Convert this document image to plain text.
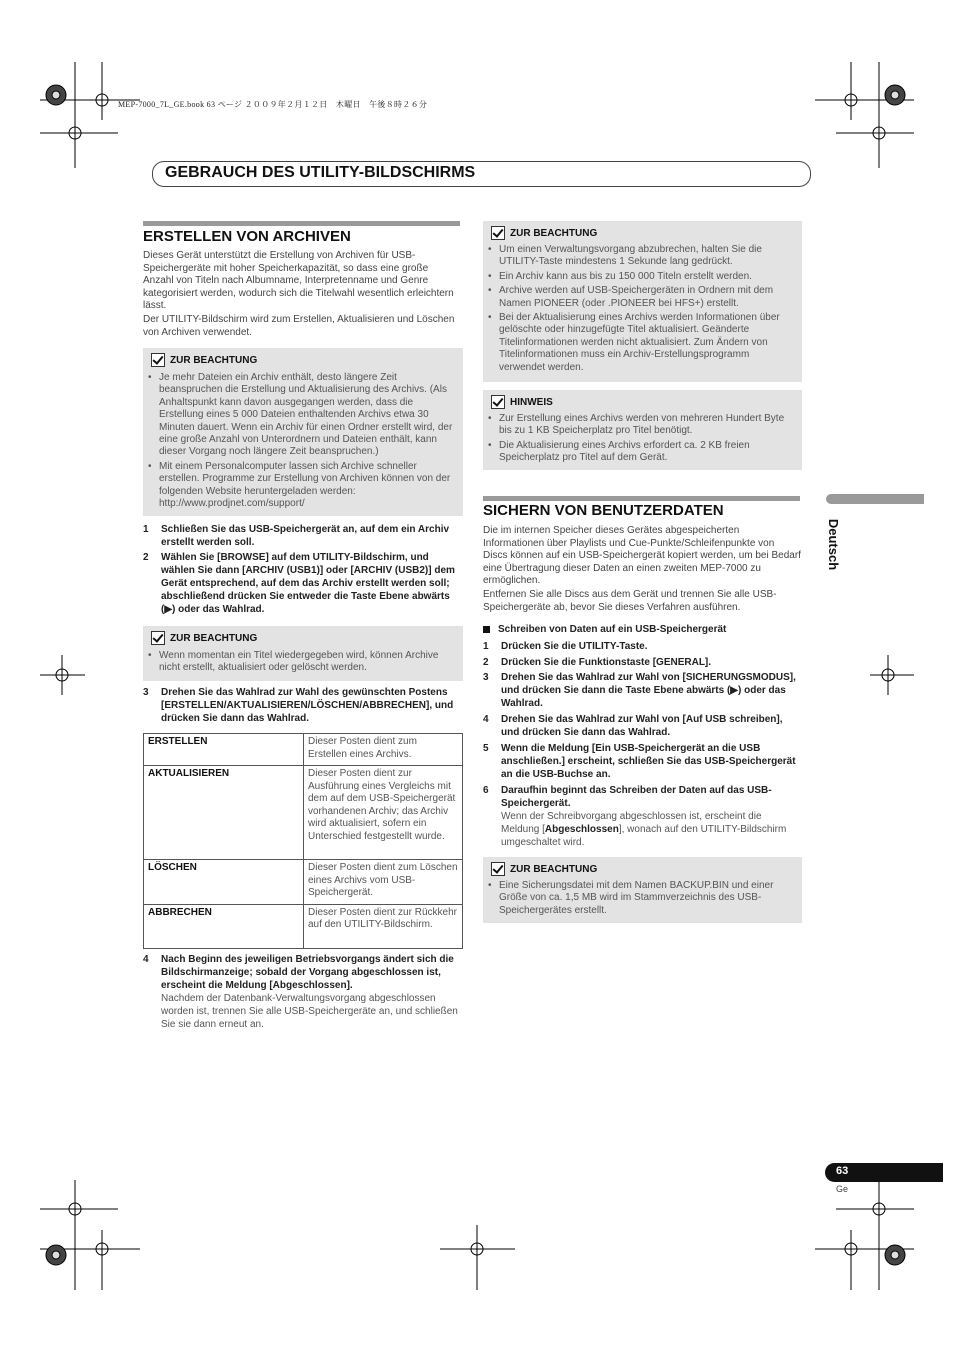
MEP-7000_7L_GE.book 63 ページ ２００９年２月１２日　木曜日　午後８時２６分
GEBRAUCH DES UTILITY-BILDSCHIRMS
ERSTELLEN VON ARCHIVEN

Dieses Gerät unterstützt die Erstellung von Archiven für USB-Speichergeräte mit hoher Speicherkapazität, so dass eine große Anzahl von Titeln nach Albumname, Interpretenname und Genre kategorisiert werden, wodurch sich die Titelwahl wesentlich erleichtern lässt.

Der UTILITY-Bildschirm wird zum Erstellen, Aktualisieren und Löschen von Archiven verwendet.

ZUR BEACHTUNG
• Je mehr Dateien ein Archiv enthält, desto längere Zeit beanspruchen die Erstellung und Aktualisierung des Archivs. (Als Anhaltspunkt kann davon ausgegangen werden, dass die Erstellung eines 5 000 Dateien enthaltenden Archivs etwa 30 Minuten dauert. Wenn ein Archiv für einen Ordner erstellt wird, der eine große Anzahl von Unterordnern und Dateien enthält, kann dieser Vorgang noch längere Zeit beanspruchen.)
• Mit einem Personalcomputer lassen sich Archive schneller erstellen. Programme zur Erstellung von Archiven können von der folgenden Website heruntergeladen werden: http://www.prodjnet.com/support/
1 Schließen Sie das USB-Speichergerät an, auf dem ein Archiv erstellt werden soll.
2 Wählen Sie [BROWSE] auf dem UTILITY-Bildschirm, und wählen Sie dann [ARCHIV (USB1)] oder [ARCHIV (USB2)] dem Gerät entsprechend, auf dem das Archiv erstellt werden soll; abschließend drücken Sie entweder die Taste Ebene abwärts (▶) oder das Wahlrad.
ZUR BEACHTUNG
• Wenn momentan ein Titel wiedergegeben wird, können Archive nicht erstellt, aktualisiert oder gelöscht werden.
3 Drehen Sie das Wahlrad zur Wahl des gewünschten Postens [ERSTELLEN/AKTUALISIEREN/LÖSCHEN/ABBRECHEN], und drücken Sie dann das Wahlrad.
ERSTELLEN	Dieser Posten dient zum Erstellen eines Archivs.
AKTUALISIEREN	Dieser Posten dient zur Ausführung eines Vergleichs mit dem auf dem USB-Speichergerät vorhandenen Archiv; das Archiv wird aktualisiert, sofern ein Unterschied festgestellt wurde.
LÖSCHEN	Dieser Posten dient zum Löschen eines Archivs vom USB-Speichergerät.
ABBRECHEN	Dieser Posten dient zur Rückkehr auf den UTILITY-Bildschirm.
4 Nach Beginn des jeweiligen Betriebsvorgangs ändert sich die Bildschirmanzeige; sobald der Vorgang abgeschlossen ist, erscheint die Meldung [Abgeschlossen].
Nachdem der Datenbank-Verwaltungsvorgang abgeschlossen worden ist, trennen Sie alle USB-Speichergeräte an, und schließen Sie sie dann erneut an.
ZUR BEACHTUNG
• Um einen Verwaltungsvorgang abzubrechen, halten Sie die UTILITY-Taste mindestens 1 Sekunde lang gedrückt.
• Ein Archiv kann aus bis zu 150 000 Titeln erstellt werden.
• Archive werden auf USB-Speichergeräten in Ordnern mit dem Namen PIONEER (oder .PIONEER bei HFS+) erstellt.
• Bei der Aktualisierung eines Archivs werden Informationen über gelöschte oder hinzugefügte Titel aktualisiert. Geänderte Titelinformationen werden nicht aktualisiert. Zum Ändern von Titelinformationen muss ein Archiv-Erstellungsprogramm verwendet werden.
HINWEIS
• Zur Erstellung eines Archivs werden von mehreren Hundert Byte bis zu 1 KB Speicherplatz pro Titel benötigt.
• Die Aktualisierung eines Archivs erfordert ca. 2 KB freien Speicherplatz pro Titel auf dem Gerät.
SICHERN VON BENUTZERDATEN

Die im internen Speicher dieses Gerätes abgespeicherten Informationen über Playlists und Cue-Punkte/Schleifenpunkte von Discs können auf ein USB-Speichergerät kopiert werden, um bei Bedarf eine Übertragung dieser Daten an einen zweiten MEP-7000 zu ermöglichen.

Entfernen Sie alle Discs aus dem Gerät und trennen Sie alle USB-Speichergeräte ab, bevor Sie dieses Verfahren ausführen.

Schreiben von Daten auf ein USB-Speichergerät
1 Drücken Sie die UTILITY-Taste.
2 Drücken Sie die Funktionstaste [GENERAL].
3 Drehen Sie das Wahlrad zur Wahl von [SICHERUNGSMODUS], und drücken Sie dann die Taste Ebene abwärts (▶) oder das Wahlrad.
4 Drehen Sie das Wahlrad zur Wahl von [Auf USB schreiben], und drücken Sie dann das Wahlrad.
5 Wenn die Meldung [Ein USB-Speichergerät an die USB anschließen.] erscheint, schließen Sie das USB-Speichergerät an die USB-Buchse an.
6 Daraufhin beginnt das Schreiben der Daten auf das USB-Speichergerät.
Wenn der Schreibvorgang abgeschlossen ist, erscheint die Meldung [Abgeschlossen], wonach auf den UTILITY-Bildschirm umgeschaltet wird.
ZUR BEACHTUNG
• Eine Sicherungsdatei mit dem Namen BACKUP.BIN und einer Größe von ca. 1,5 MB wird im Stammverzeichnis des USB-Speichergerätes erstellt.
Deutsch
63
Ge
